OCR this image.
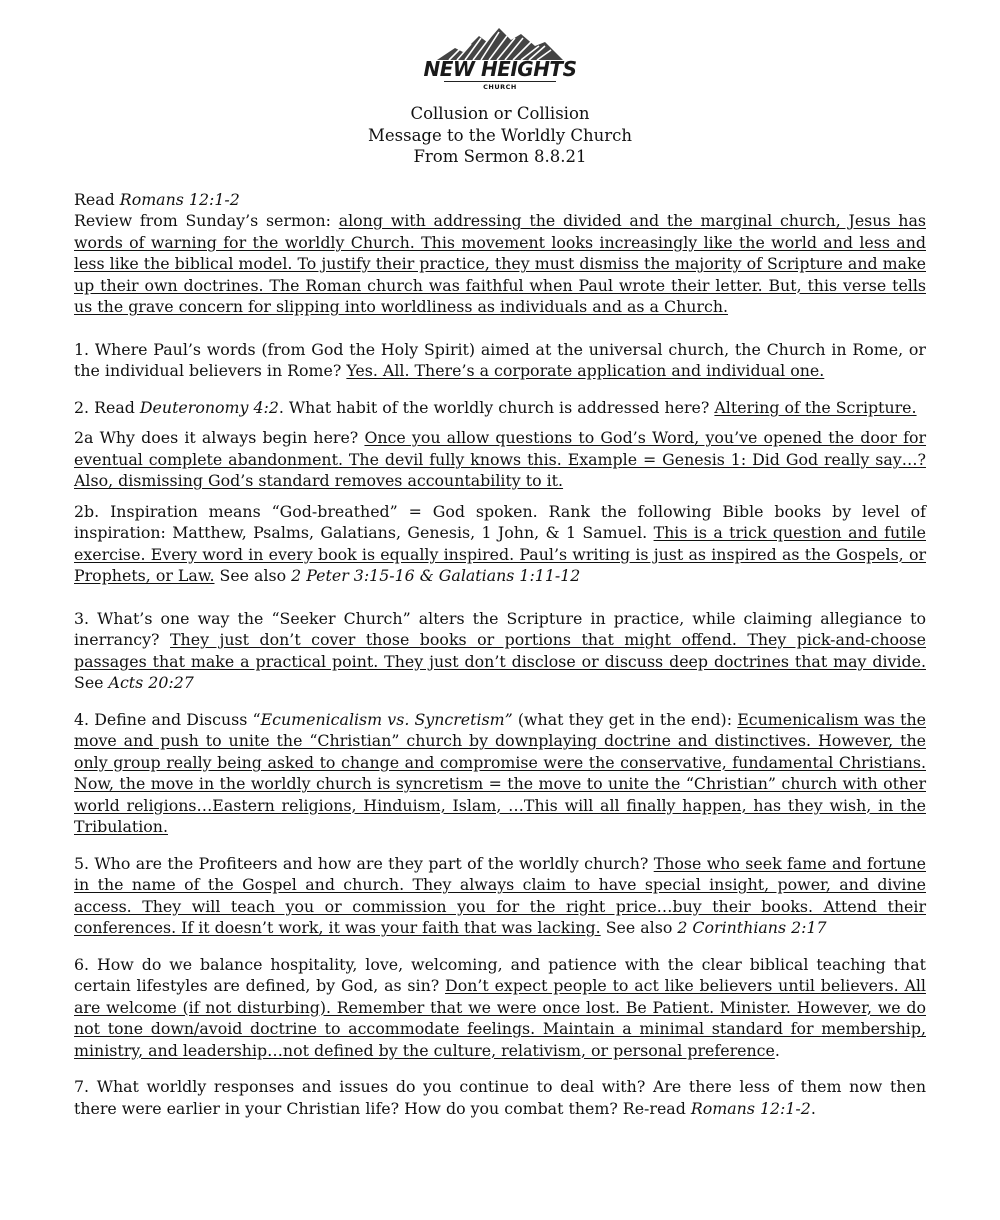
NEW HEIGHTS
CHURCH
Collusion or Collision
Message to the Worldly Church
From Sermon 8.8.21

Read Romans 12:1-2

Review from Sunday’s sermon: along with addressing the divided and the marginal church, Jesus has words of warning for the worldly Church. This movement looks increasingly like the world and less and less like the biblical model. To justify their practice, they must dismiss the majority of Scripture and make up their own doctrines. The Roman church was faithful when Paul wrote their letter. But, this verse tells us the grave concern for slipping into worldliness as individuals and as a Church.

1. Where Paul’s words (from God the Holy Spirit) aimed at the universal church, the Church in Rome, or the individual believers in Rome? Yes. All. There’s a corporate application and individual one.

2. Read Deuteronomy 4:2. What habit of the worldly church is addressed here? Altering of the Scripture.

2a Why does it always begin here? Once you allow questions to God’s Word, you’ve opened the door for eventual complete abandonment. The devil fully knows this. Example = Genesis 1: Did God really say…? Also, dismissing God’s standard removes accountability to it.

2b. Inspiration means “God-breathed” = God spoken. Rank the following Bible books by level of inspiration: Matthew, Psalms, Galatians, Genesis, 1 John, & 1 Samuel. This is a trick question and futile exercise. Every word in every book is equally inspired. Paul’s writing is just as inspired as the Gospels, or Prophets, or Law. See also 2 Peter 3:15-16 & Galatians 1:11-12

3. What’s one way the “Seeker Church” alters the Scripture in practice, while claiming allegiance to inerrancy? They just don’t cover those books or portions that might offend. They pick-and-choose passages that make a practical point. They just don’t disclose or discuss deep doctrines that may divide. See Acts 20:27

4. Define and Discuss “Ecumenicalism vs. Syncretism” (what they get in the end): Ecumenicalism was the move and push to unite the “Christian” church by downplaying doctrine and distinctives. However, the only group really being asked to change and compromise were the conservative, fundamental Christians. Now, the move in the worldly church is syncretism = the move to unite the “Christian” church with other world religions…Eastern religions, Hinduism, Islam, …This will all finally happen, has they wish, in the Tribulation.

5. Who are the Profiteers and how are they part of the worldly church? Those who seek fame and fortune in the name of the Gospel and church. They always claim to have special insight, power, and divine access. They will teach you or commission you for the right price…buy their books. Attend their conferences. If it doesn’t work, it was your faith that was lacking. See also 2 Corinthians 2:17

6. How do we balance hospitality, love, welcoming, and patience with the clear biblical teaching that certain lifestyles are defined, by God, as sin? Don’t expect people to act like believers until believers. All are welcome (if not disturbing). Remember that we were once lost. Be Patient. Minister. However, we do not tone down/avoid doctrine to accommodate feelings. Maintain a minimal standard for membership, ministry, and leadership…not defined by the culture, relativism, or personal preference.

7. What worldly responses and issues do you continue to deal with? Are there less of them now then there were earlier in your Christian life? How do you combat them? Re-read Romans 12:1-2.
